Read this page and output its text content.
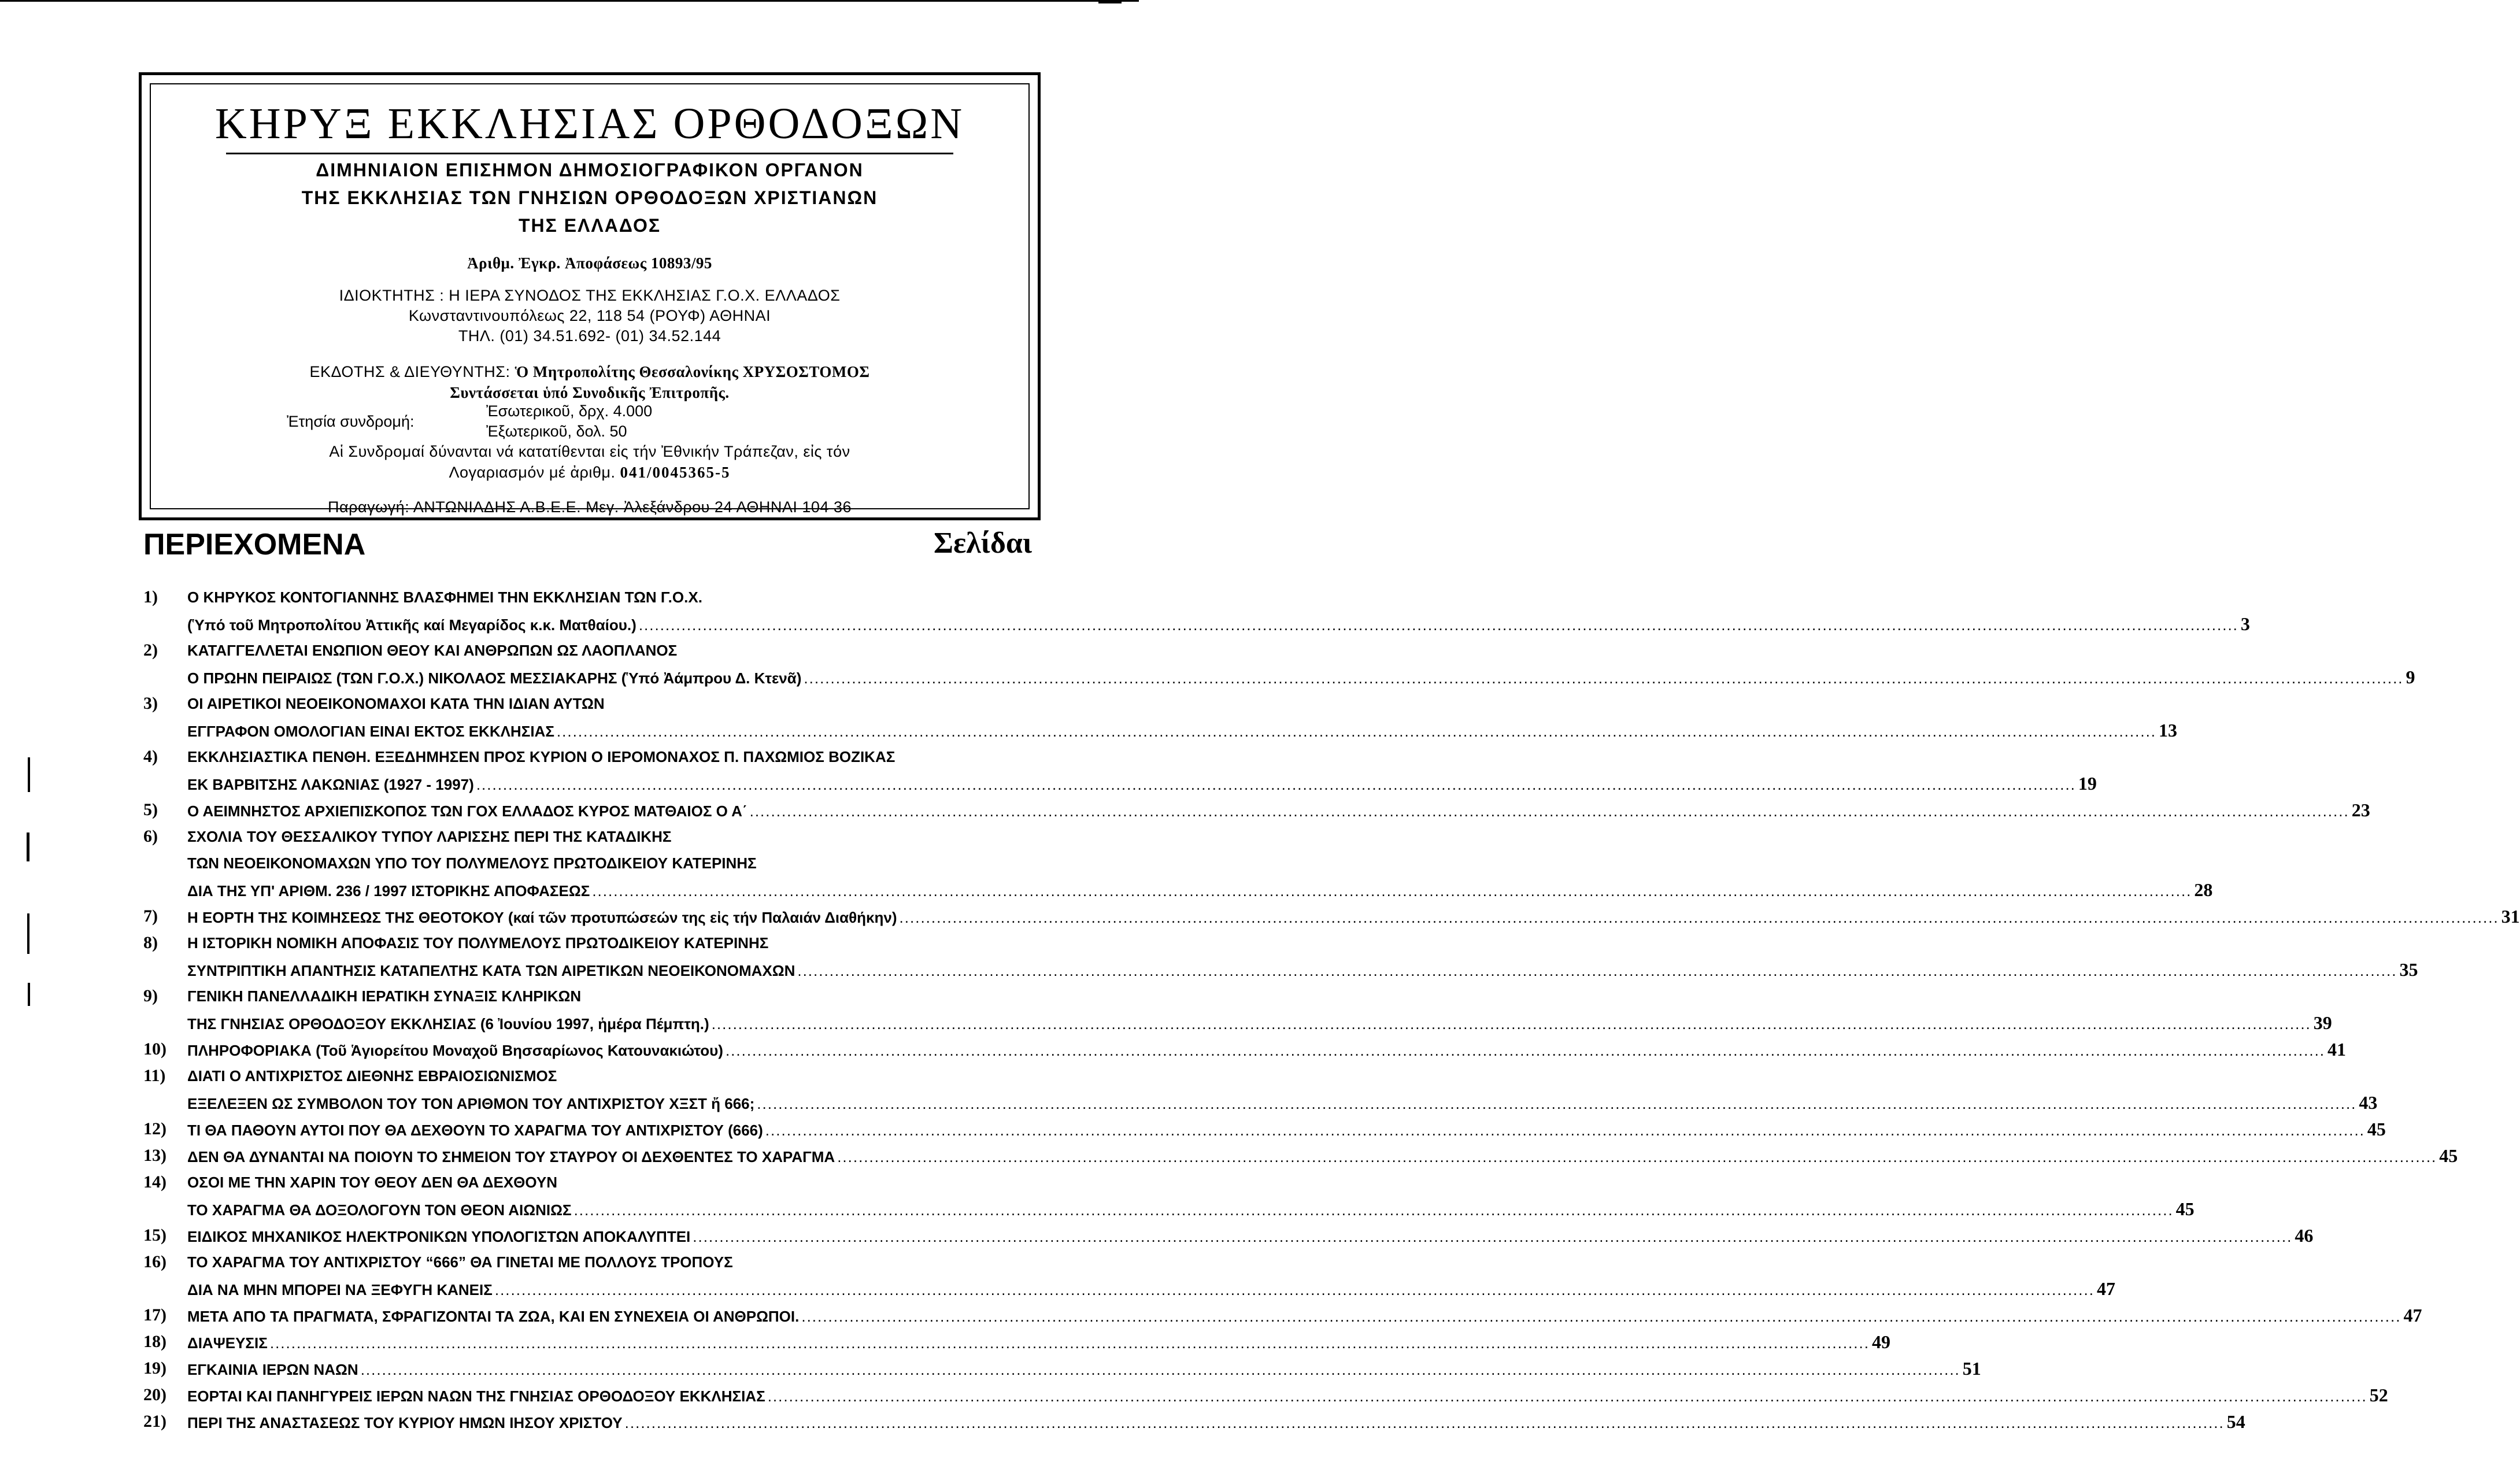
ΚΗΡΥΞ ΕΚΚΛΗΣΙΑΣ ΟΡΘΟΔΟΞΩΝ
ΔΙΜΗΝΙΑΙΟΝ ΕΠΙΣΗΜΟΝ ΔΗΜΟΣΙΟΓΡΑΦΙΚΟΝ ΟΡΓΑΝΟΝ
ΤΗΣ ΕΚΚΛΗΣΙΑΣ ΤΩΝ ΓΝΗΣΙΩΝ ΟΡΘΟΔΟΞΩΝ ΧΡΙΣΤΙΑΝΩΝ
ΤΗΣ ΕΛΛΑΔΟΣ
Ἀριθμ. Ἐγκρ. Ἀποφάσεως 10893/95
ΙΔΙΟΚΤΗΤΗΣ : Η ΙΕΡΑ ΣΥΝΟΔΟΣ ΤΗΣ ΕΚΚΛΗΣΙΑΣ Γ.Ο.Χ. ΕΛΛΑΔΟΣ
Κωνσταντινουπόλεως 22, 118 54 (ΡΟΥΦ) ΑΘΗΝΑΙ
ΤΗΛ. (01) 34.51.692- (01) 34.52.144
ΕΚΔΟΤΗΣ & ΔΙΕΥΘΥΝΤΗΣ: Ὁ Μητροπολίτης Θεσσαλονίκης ΧΡΥΣΟΣΤΟΜΟΣ
Συντάσσεται ὑπό Συνοδικῆς Ἐπιτροπῆς.
Ἐτησία συνδρομή:
Ἐσωτερικοῦ, δρχ. 4.000
Ἐξωτερικοῦ, δολ. 50
Αἱ Συνδρομαί δύνανται νά κατατίθενται εἰς τήν Ἐθνικήν Τράπεζαν, εἰς τόν
Λογαριασμόν μέ ἀριθμ. 041/0045365-5
Παραγωγή: ΑΝΤΩΝΙΑΔΗΣ Α.Β.Ε.Ε. Μεγ. Ἀλεξάνδρου 24 ΑΘΗΝΑΙ 104 36
ΠΕΡΙΕΧΟΜΕΝΑ	Σελίδαι
1) Ο ΚΗΡΥΚΟΣ ΚΟΝΤΟΓΙΑΝΝΗΣ ΒΛΑΣΦΗΜΕΙ ΤΗΝ ΕΚΚΛΗΣΙΑΝ ΤΩΝ Γ.Ο.Χ.
(Ὑπό τοῦ Μητροπολίτου Ἀττικῆς καί Μεγαρίδος κ.κ. Ματθαίου.) ............................................................................................................................................................................................................................................................................................................ 3
2) ΚΑΤΑΓΓΕΛΛΕΤΑΙ ΕΝΩΠΙΟΝ ΘΕΟΥ ΚΑΙ ΑΝΘΡΩΠΩΝ ΩΣ ΛΑΟΠΛΑΝΟΣ
Ο ΠΡΩΗΝ ΠΕΙΡΑΙΩΣ (ΤΩΝ Γ.Ο.Χ.) ΝΙΚΟΛΑΟΣ ΜΕΣΣΙΑΚΑΡΗΣ (Ὑπό Ἀάμπρου Δ. Κτενᾶ) ............................................................................................................................................................................................................................................................................................................ 9
3) ΟΙ ΑΙΡΕΤΙΚΟΙ ΝΕΟΕΙΚΟΝΟΜΑΧΟΙ ΚΑΤΑ ΤΗΝ ΙΔΙΑΝ ΑΥΤΩΝ
ΕΓΓΡΑΦΟΝ ΟΜΟΛΟΓΙΑΝ ΕΙΝΑΙ ΕΚΤΟΣ ΕΚΚΛΗΣΙΑΣ ............................................................................................................................................................................................................................................................................................................ 13
4) ΕΚΚΛΗΣΙΑΣΤΙΚΑ ΠΕΝΘΗ. ΕΞΕΔΗΜΗΣΕΝ ΠΡΟΣ ΚΥΡΙΟΝ Ο ΙΕΡΟΜΟΝΑΧΟΣ Π. ΠΑΧΩΜΙΟΣ ΒΟΖΙΚΑΣ
ΕΚ ΒΑΡΒΙΤΣΗΣ ΛΑΚΩΝΙΑΣ (1927 - 1997) ............................................................................................................................................................................................................................................................................................................ 19
5) Ο ΑΕΙΜΝΗΣΤΟΣ ΑΡΧΙΕΠΙΣΚΟΠΟΣ ΤΩΝ ΓΟΧ ΕΛΛΑΔΟΣ ΚΥΡΟΣ ΜΑΤΘΑΙΟΣ Ο Α΄ ............................................................................................................................................................................................................................................................................................................ 23
6) ΣΧΟΛΙΑ ΤΟΥ ΘΕΣΣΑΛΙΚΟΥ ΤΥΠΟΥ ΛΑΡΙΣΣΗΣ ΠΕΡΙ ΤΗΣ ΚΑΤΑΔΙΚΗΣ
ΤΩΝ ΝΕΟΕΙΚΟΝΟΜΑΧΩΝ ΥΠΟ ΤΟΥ ΠΟΛΥΜΕΛΟΥΣ ΠΡΩΤΟΔΙΚΕΙΟΥ ΚΑΤΕΡΙΝΗΣ
ΔΙΑ ΤΗΣ ΥΠ' ΑΡΙΘΜ. 236 / 1997 ΙΣΤΟΡΙΚΗΣ ΑΠΟΦΑΣΕΩΣ ............................................................................................................................................................................................................................................................................................................ 28
7) Η ΕΟΡΤΗ ΤΗΣ ΚΟΙΜΗΣΕΩΣ ΤΗΣ ΘΕΟΤΟΚΟΥ (καί τῶν προτυπώσεών της εἰς τήν Παλαιάν Διαθήκην) ............................................................................................................................................................................................................................................................................................................ 31
8) Η ΙΣΤΟΡΙΚΗ ΝΟΜΙΚΗ ΑΠΟΦΑΣΙΣ ΤΟΥ ΠΟΛΥΜΕΛΟΥΣ ΠΡΩΤΟΔΙΚΕΙΟΥ ΚΑΤΕΡΙΝΗΣ
ΣΥΝΤΡΙΠΤΙΚΗ ΑΠΑΝΤΗΣΙΣ ΚΑΤΑΠΕΛΤΗΣ ΚΑΤΑ ΤΩΝ ΑΙΡΕΤΙΚΩΝ ΝΕΟΕΙΚΟΝΟΜΑΧΩΝ ............................................................................................................................................................................................................................................................................................................ 35
9) ΓΕΝΙΚΗ ΠΑΝΕΛΛΑΔΙΚΗ ΙΕΡΑΤΙΚΗ ΣΥΝΑΞΙΣ ΚΛΗΡΙΚΩΝ
ΤΗΣ ΓΝΗΣΙΑΣ ΟΡΘΟΔΟΞΟΥ ΕΚΚΛΗΣΙΑΣ (6 Ἰουνίου 1997, ἡμέρα Πέμπτη.) ............................................................................................................................................................................................................................................................................................................ 39
10) ΠΛΗΡΟΦΟΡΙΑΚΑ (Τοῦ Ἁγιορείτου Μοναχοῦ Βησσαρίωνος Κατουνακιώτου) ............................................................................................................................................................................................................................................................................................................ 41
11) ΔΙΑΤΙ Ο ΑΝΤΙΧΡΙΣΤΟΣ ΔΙΕΘΝΗΣ ΕΒΡΑΙΟΣΙΩΝΙΣΜΟΣ
ΕΞΕΛΕΞΕΝ ΩΣ ΣΥΜΒΟΛΟΝ ΤΟΥ ΤΟΝ ΑΡΙΘΜΟΝ ΤΟΥ ΑΝΤΙΧΡΙΣΤΟΥ ΧΞΣΤ ἤ 666; ............................................................................................................................................................................................................................................................................................................ 43
12) ΤΙ ΘΑ ΠΑΘΟΥΝ ΑΥΤΟΙ ΠΟΥ ΘΑ ΔΕΧΘΟΥΝ ΤΟ ΧΑΡΑΓΜΑ ΤΟΥ ΑΝΤΙΧΡΙΣΤΟΥ (666) ............................................................................................................................................................................................................................................................................................................ 45
13) ΔΕΝ ΘΑ ΔΥΝΑΝΤΑΙ ΝΑ ΠΟΙΟΥΝ ΤΟ ΣΗΜΕΙΟΝ ΤΟΥ ΣΤΑΥΡΟΥ ΟΙ ΔΕΧΘΕΝΤΕΣ ΤΟ ΧΑΡΑΓΜΑ ............................................................................................................................................................................................................................................................................................................ 45
14) ΟΣΟΙ ΜΕ ΤΗΝ ΧΑΡΙΝ ΤΟΥ ΘΕΟΥ ΔΕΝ ΘΑ ΔΕΧΘΟΥΝ
ΤΟ ΧΑΡΑΓΜΑ ΘΑ ΔΟΞΟΛΟΓΟΥΝ ΤΟΝ ΘΕΟΝ ΑΙΩΝΙΩΣ ............................................................................................................................................................................................................................................................................................................ 45
15) ΕΙΔΙΚΟΣ ΜΗΧΑΝΙΚΟΣ ΗΛΕΚΤΡΟΝΙΚΩΝ ΥΠΟΛΟΓΙΣΤΩΝ ΑΠΟΚΑΛΥΠΤΕΙ ............................................................................................................................................................................................................................................................................................................ 46
16) ΤΟ ΧΑΡΑΓΜΑ ΤΟΥ ΑΝΤΙΧΡΙΣΤΟΥ “666” ΘΑ ΓΙΝΕΤΑΙ ΜΕ ΠΟΛΛΟΥΣ ΤΡΟΠΟΥΣ
ΔΙΑ ΝΑ ΜΗΝ ΜΠΟΡΕΙ ΝΑ ΞΕΦΥΓΗ ΚΑΝΕΙΣ ............................................................................................................................................................................................................................................................................................................ 47
17) ΜΕΤΑ ΑΠΟ ΤΑ ΠΡΑΓΜΑΤΑ, ΣΦΡΑΓΙΖΟΝΤΑΙ ΤΑ ΖΩΑ, ΚΑΙ ΕΝ ΣΥΝΕΧΕΙΑ ΟΙ ΑΝΘΡΩΠΟΙ. ............................................................................................................................................................................................................................................................................................................ 47
18) ΔΙΑΨΕΥΣΙΣ ............................................................................................................................................................................................................................................................................................................ 49
19) ΕΓΚΑΙΝΙΑ ΙΕΡΩΝ ΝΑΩΝ ............................................................................................................................................................................................................................................................................................................ 51
20) ΕΟΡΤΑΙ ΚΑΙ ΠΑΝΗΓΥΡΕΙΣ ΙΕΡΩΝ ΝΑΩΝ ΤΗΣ ΓΝΗΣΙΑΣ ΟΡΘΟΔΟΞΟΥ ΕΚΚΛΗΣΙΑΣ ............................................................................................................................................................................................................................................................................................................ 52
21) ΠΕΡΙ ΤΗΣ ΑΝΑΣΤΑΣΕΩΣ ΤΟΥ ΚΥΡΙΟΥ ΗΜΩΝ ΙΗΣΟΥ ΧΡΙΣΤΟΥ ............................................................................................................................................................................................................................................................................................................ 54
